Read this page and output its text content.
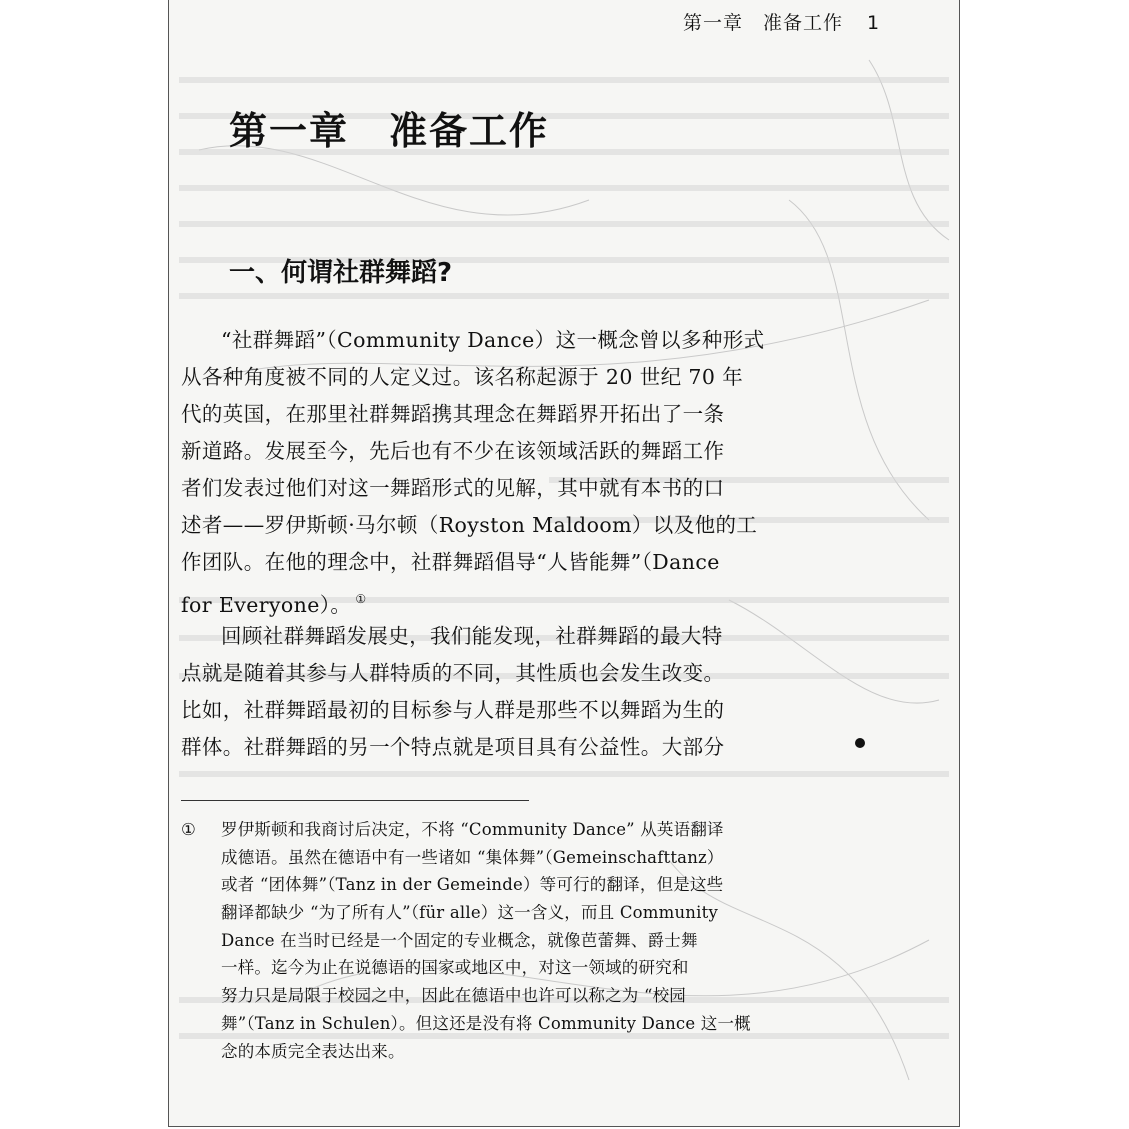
第一章　准备工作 1
第一章 准备工作
一、何谓社群舞蹈?
“社群舞蹈”（Community Dance）这一概念曾以多种形式
从各种角度被不同的人定义过。该名称起源于 20 世纪 70 年
代的英国，在那里社群舞蹈携其理念在舞蹈界开拓出了一条
新道路。发展至今，先后也有不少在该领域活跃的舞蹈工作
者们发表过他们对这一舞蹈形式的见解，其中就有本书的口
述者——罗伊斯顿·马尔顿（Royston Maldoom）以及他的工
作团队。在他的理念中，社群舞蹈倡导“人皆能舞”（Dance
for Everyone）。 ①
回顾社群舞蹈发展史，我们能发现，社群舞蹈的最大特
点就是随着其参与人群特质的不同，其性质也会发生改变。
比如，社群舞蹈最初的目标参与人群是那些不以舞蹈为生的
群体。社群舞蹈的另一个特点就是项目具有公益性。大部分
① 罗伊斯顿和我商讨后决定，不将 “Community Dance” 从英语翻译
成德语。虽然在德语中有一些诸如 “集体舞”（Gemeinschafttanz）
或者 “团体舞”（Tanz in der Gemeinde）等可行的翻译，但是这些
翻译都缺少 “为了所有人”（für alle）这一含义，而且 Community
Dance 在当时已经是一个固定的专业概念，就像芭蕾舞、爵士舞
一样。迄今为止在说德语的国家或地区中，对这一领域的研究和
努力只是局限于校园之中，因此在德语中也许可以称之为 “校园
舞”（Tanz in Schulen）。但这还是没有将 Community Dance 这一概
念的本质完全表达出来。
